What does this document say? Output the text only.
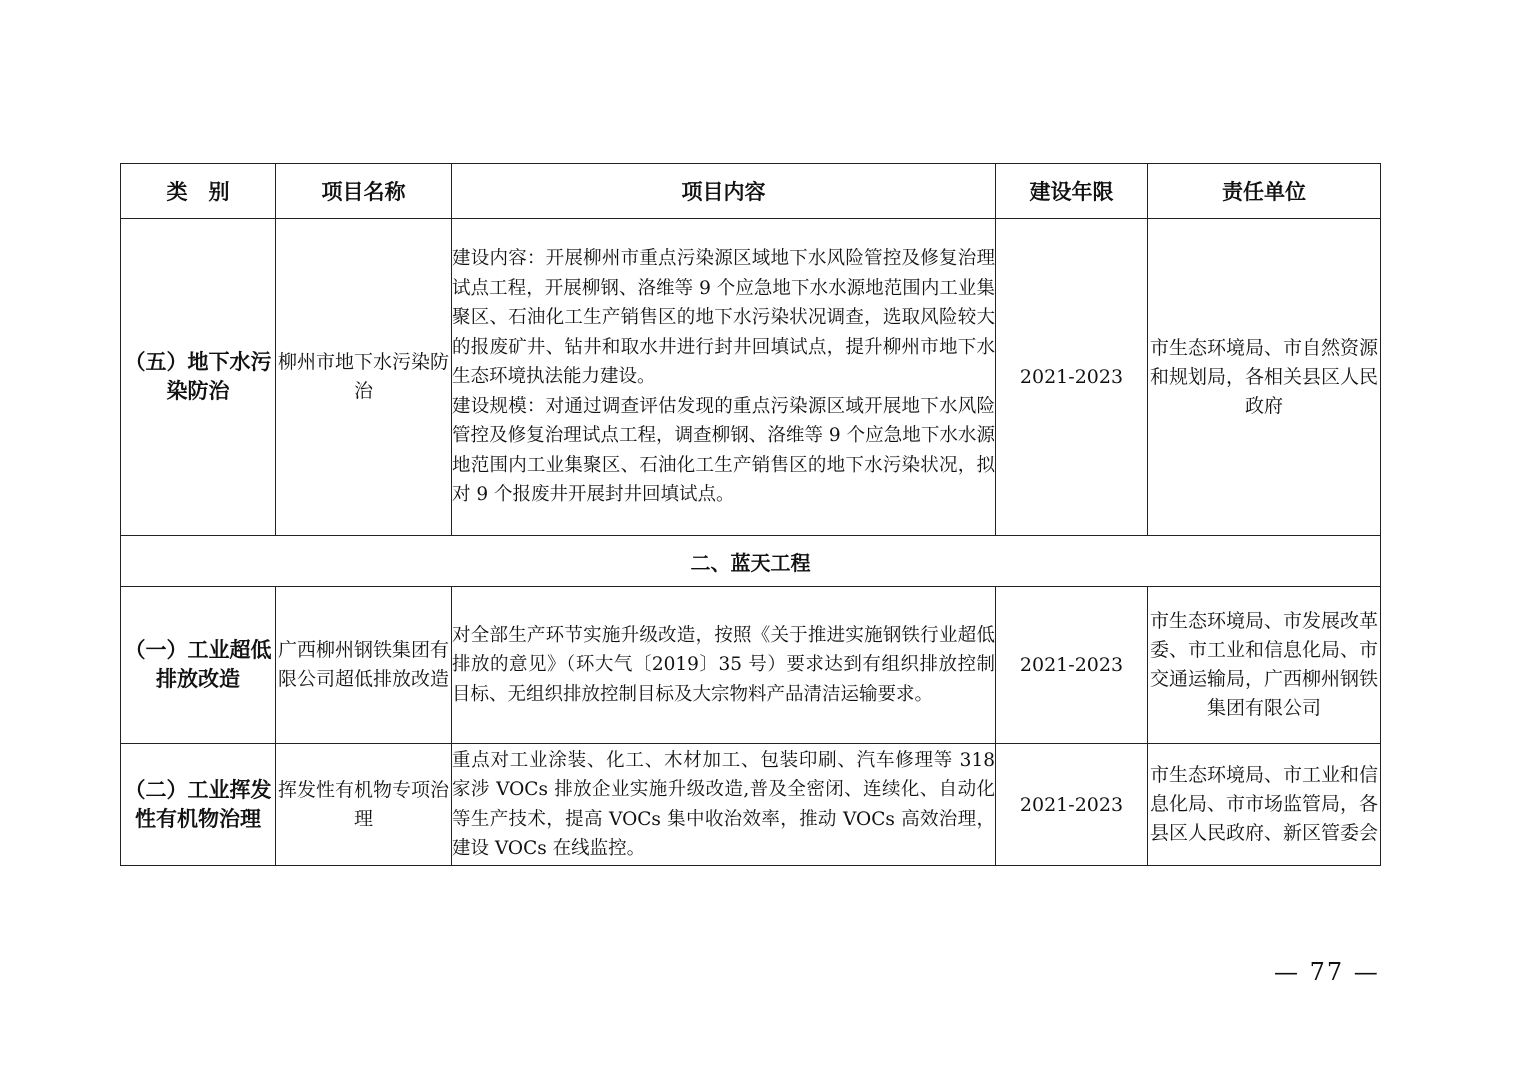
类　别	项目名称	项目内容	建设年限	责任单位
（五）地下水污染防治	柳州市地下水污染防治	建设内容：开展柳州市重点污染源区域地下水风险管控及修复治理试点工程，开展柳钢、洛维等 9 个应急地下水水源地范围内工业集聚区、石油化工生产销售区的地下水污染状况调查，选取风险较大的报废矿井、钻井和取水井进行封井回填试点，提升柳州市地下水生态环境执法能力建设。

建设规模：对通过调查评估发现的重点污染源区域开展地下水风险管控及修复治理试点工程，调查柳钢、洛维等 9 个应急地下水水源地范围内工业集聚区、石油化工生产销售区的地下水污染状况，拟对 9 个报废井开展封井回填试点。	2021-2023	市生态环境局、市自然资源和规划局，各相关县区人民政府
二、蓝天工程				
（一）工业超低排放改造	广西柳州钢铁集团有限公司超低排放改造	对全部生产环节实施升级改造，按照《关于推进实施钢铁行业超低排放的意见》（环大气〔2019〕35 号）要求达到有组织排放控制目标、无组织排放控制目标及大宗物料产品清洁运输要求。	2021-2023	市生态环境局、市发展改革委、市工业和信息化局、市交通运输局，广西柳州钢铁集团有限公司
（二）工业挥发性有机物治理	挥发性有机物专项治理	重点对工业涂装、化工、木材加工、包装印刷、汽车修理等 318 家涉 VOCs 排放企业实施升级改造,普及全密闭、连续化、自动化等生产技术，提高 VOCs 集中收治效率，推动 VOCs 高效治理，建设 VOCs 在线监控。	2021-2023	市生态环境局、市工业和信息化局、市市场监管局，各县区人民政府、新区管委会
— 77 —
